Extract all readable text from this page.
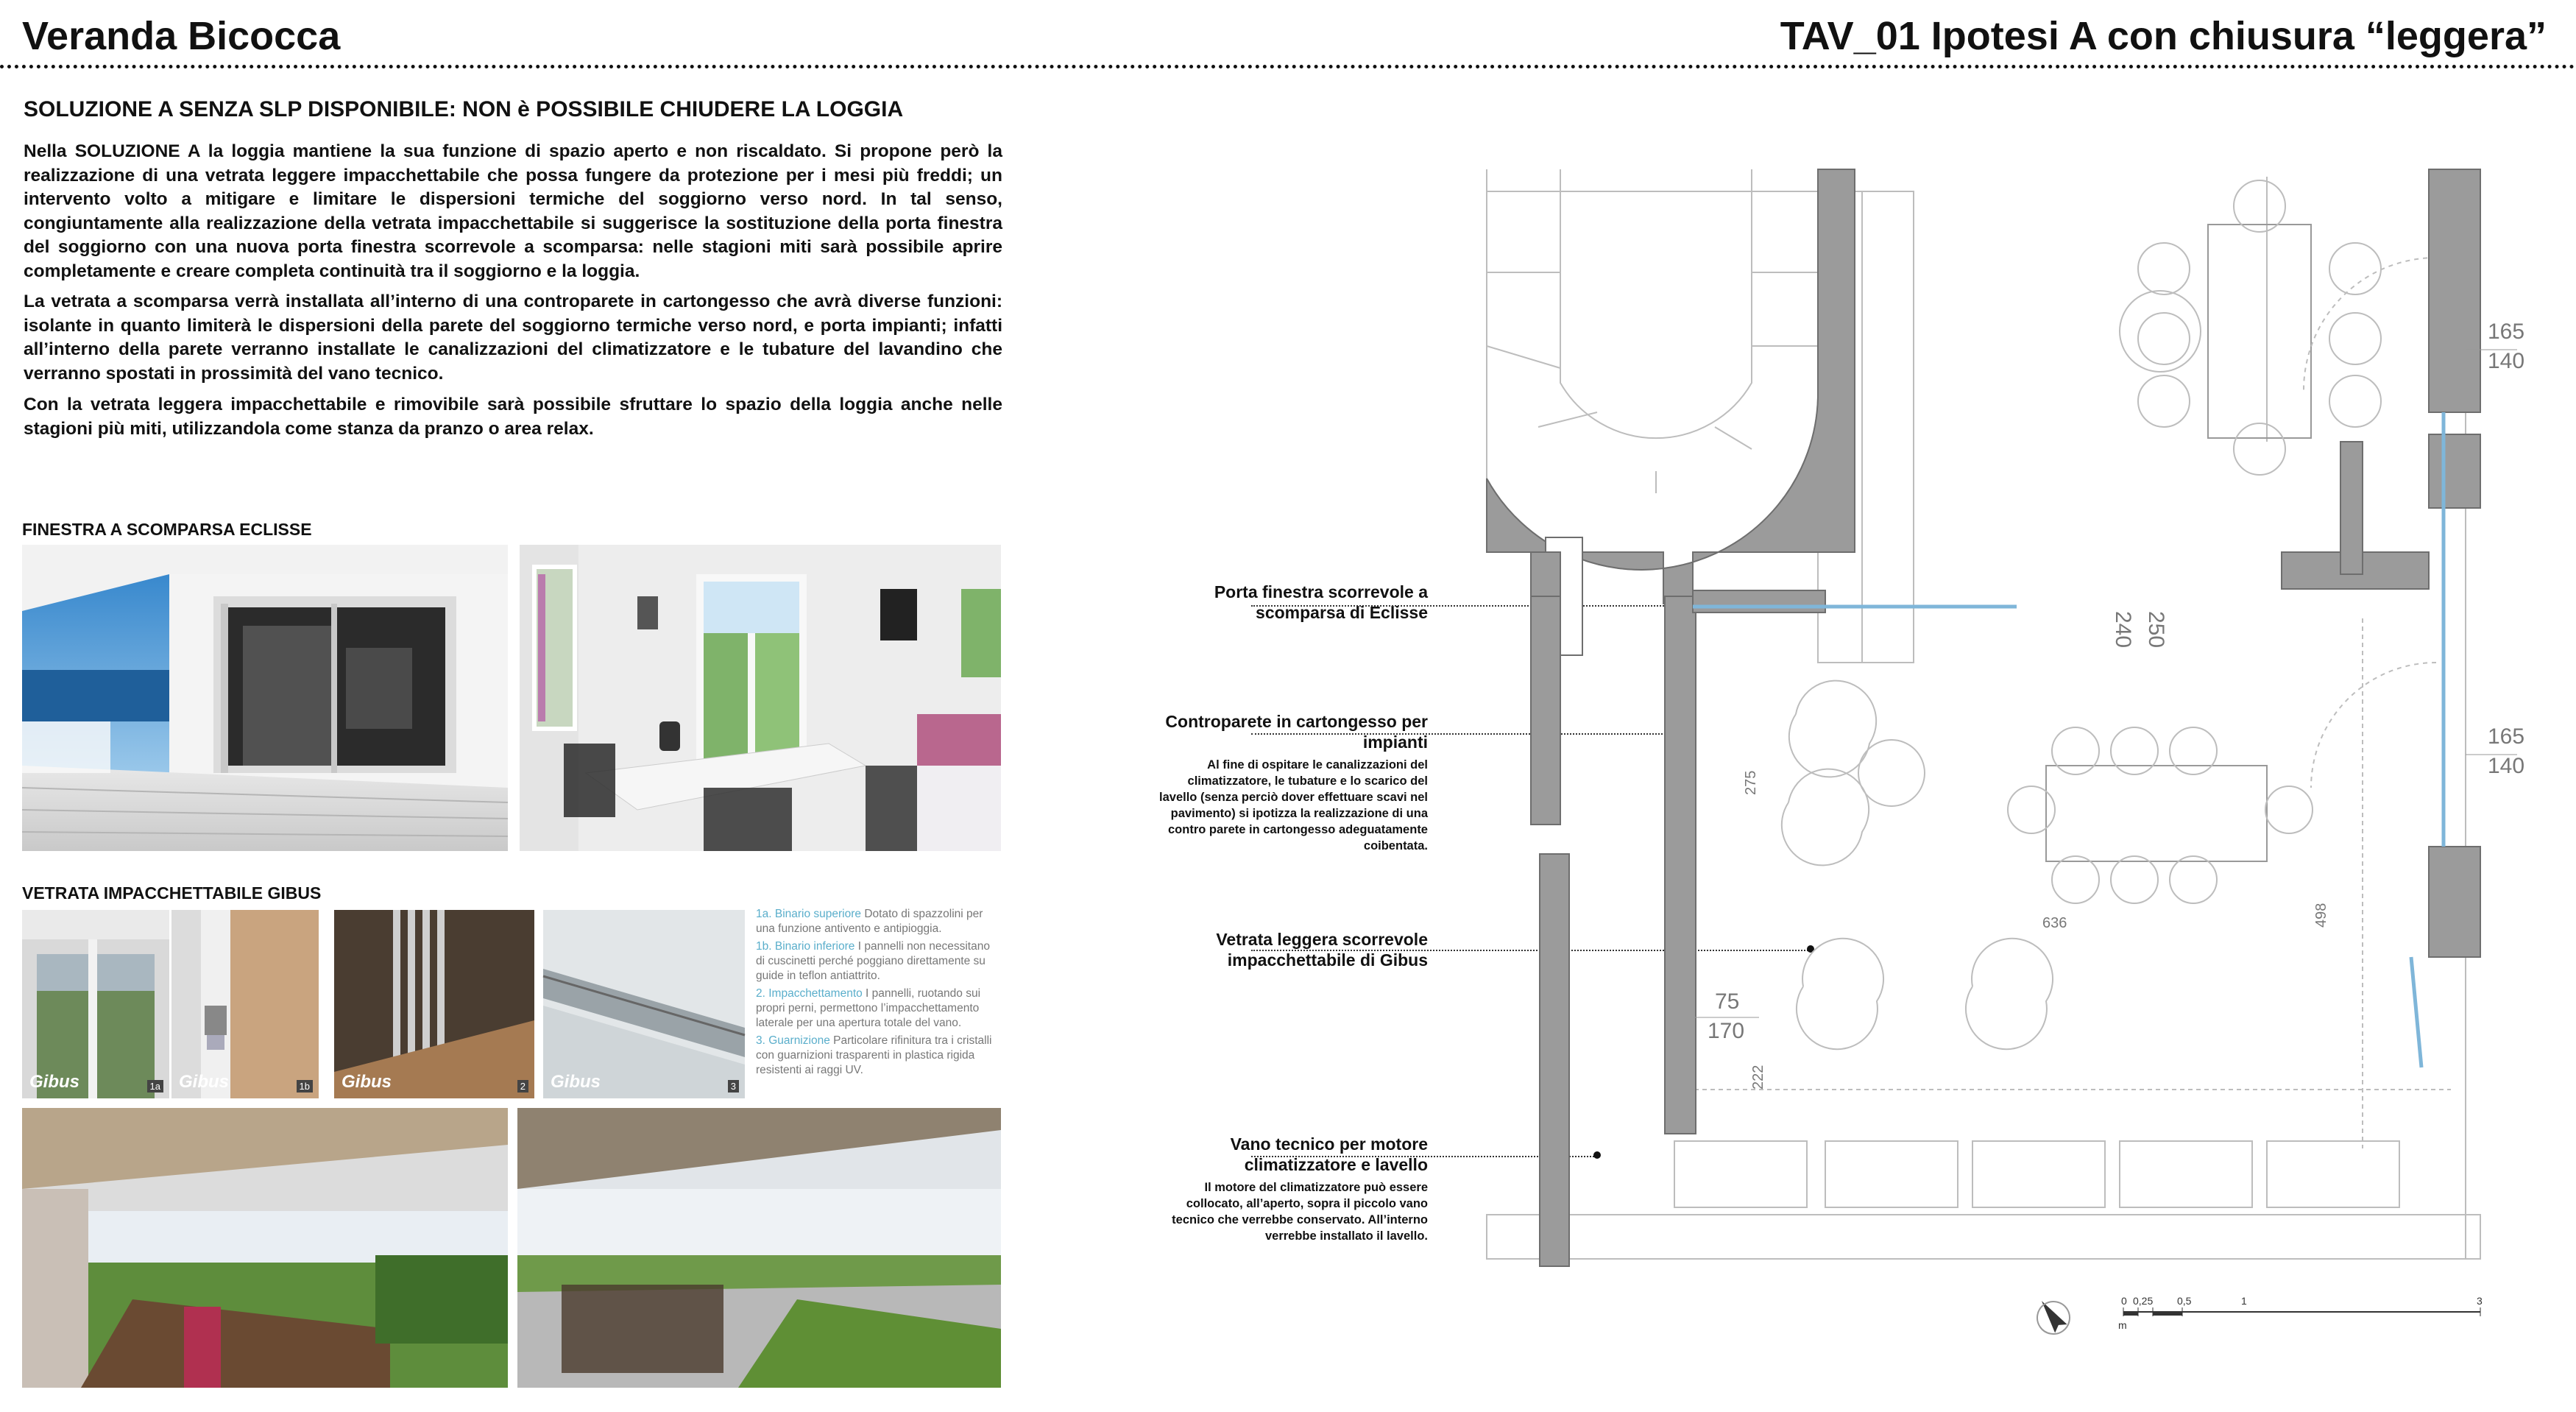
Veranda Bicocca	TAV_01 Ipotesi A con chiusura “leggera”
SOLUZIONE A SENZA SLP DISPONIBILE: NON è POSSIBILE CHIUDERE LA LOGGIA
Nella SOLUZIONE A la loggia mantiene la sua funzione di spazio aperto e non riscaldato. Si propone però la realizzazione di una vetrata leggere impacchettabile che possa fungere da protezione per i mesi più freddi; un intervento volto a mitigare e limitare le dispersioni termiche del soggiorno verso nord. In tal senso, congiuntamente alla realizzazione della vetrata impacchettabile si suggerisce la sostituzione della porta finestra del soggiorno con una nuova porta finestra scorrevole a scomparsa: nelle stagioni miti sarà possibile aprire completamente e creare completa continuità tra il soggiorno e la loggia.
La vetrata a scomparsa verrà installata all’interno di una controparete in cartongesso che avrà diverse funzioni: isolante in quanto limiterà le dispersioni della parete del soggiorno termiche verso nord, e porta impianti; infatti all’interno della parete verranno installate le canalizzazioni del climatizzatore e le tubature del lavandino che verranno spostati in prossimità del vano tecnico.
Con la vetrata leggera impacchettabile e rimovibile sarà possibile sfruttare lo spazio della loggia anche nelle stagioni più miti, utilizzandola come stanza da pranzo o area relax.
FINESTRA A SCOMPARSA ECLISSE
VETRATA IMPACCHETTABILE GIBUS
Gibus	1a Gibus	1b Gibus	2 Gibus	3
1a. Binario superiore Dotato di spazzolini per una funzione antivento e antipioggia.
1b. Binario inferiore I pannelli non necessitano di cuscinetti perché poggiano direttamente su guide in teflon antiattrito.
2. Impacchettamento I pannelli, ruotando sui propri perni, permettono l’impacchettamento laterale per una apertura totale del vano.
3. Guarnizione Particolare rifinitura tra i cristalli con guarnizioni trasparenti in plastica rigida resistenti ai raggi UV.
Porta finestra scorrevole a scomparsa di Eclisse
Controparete in cartongesso per impianti
Al fine di ospitare le canalizzazioni del climatizzatore, le tubature e lo scarico del lavello (senza perciò dover effettuare scavi nel pavimento) si ipotizza la realizzazione di una contro parete in cartongesso adeguatamente coibentata.
Vetrata leggera scorrevole impacchettabile di Gibus
Vano tecnico per motore climatizzatore e lavello
Il motore del climatizzatore può essere collocato, all’aperto, sopra il piccolo vano tecnico che verrebbe conservato. All’interno verrebbe installato il lavello.
165
140
165
140
250
240
275
636	498
75
170
222
0 0,25 0,5	1	3
m
